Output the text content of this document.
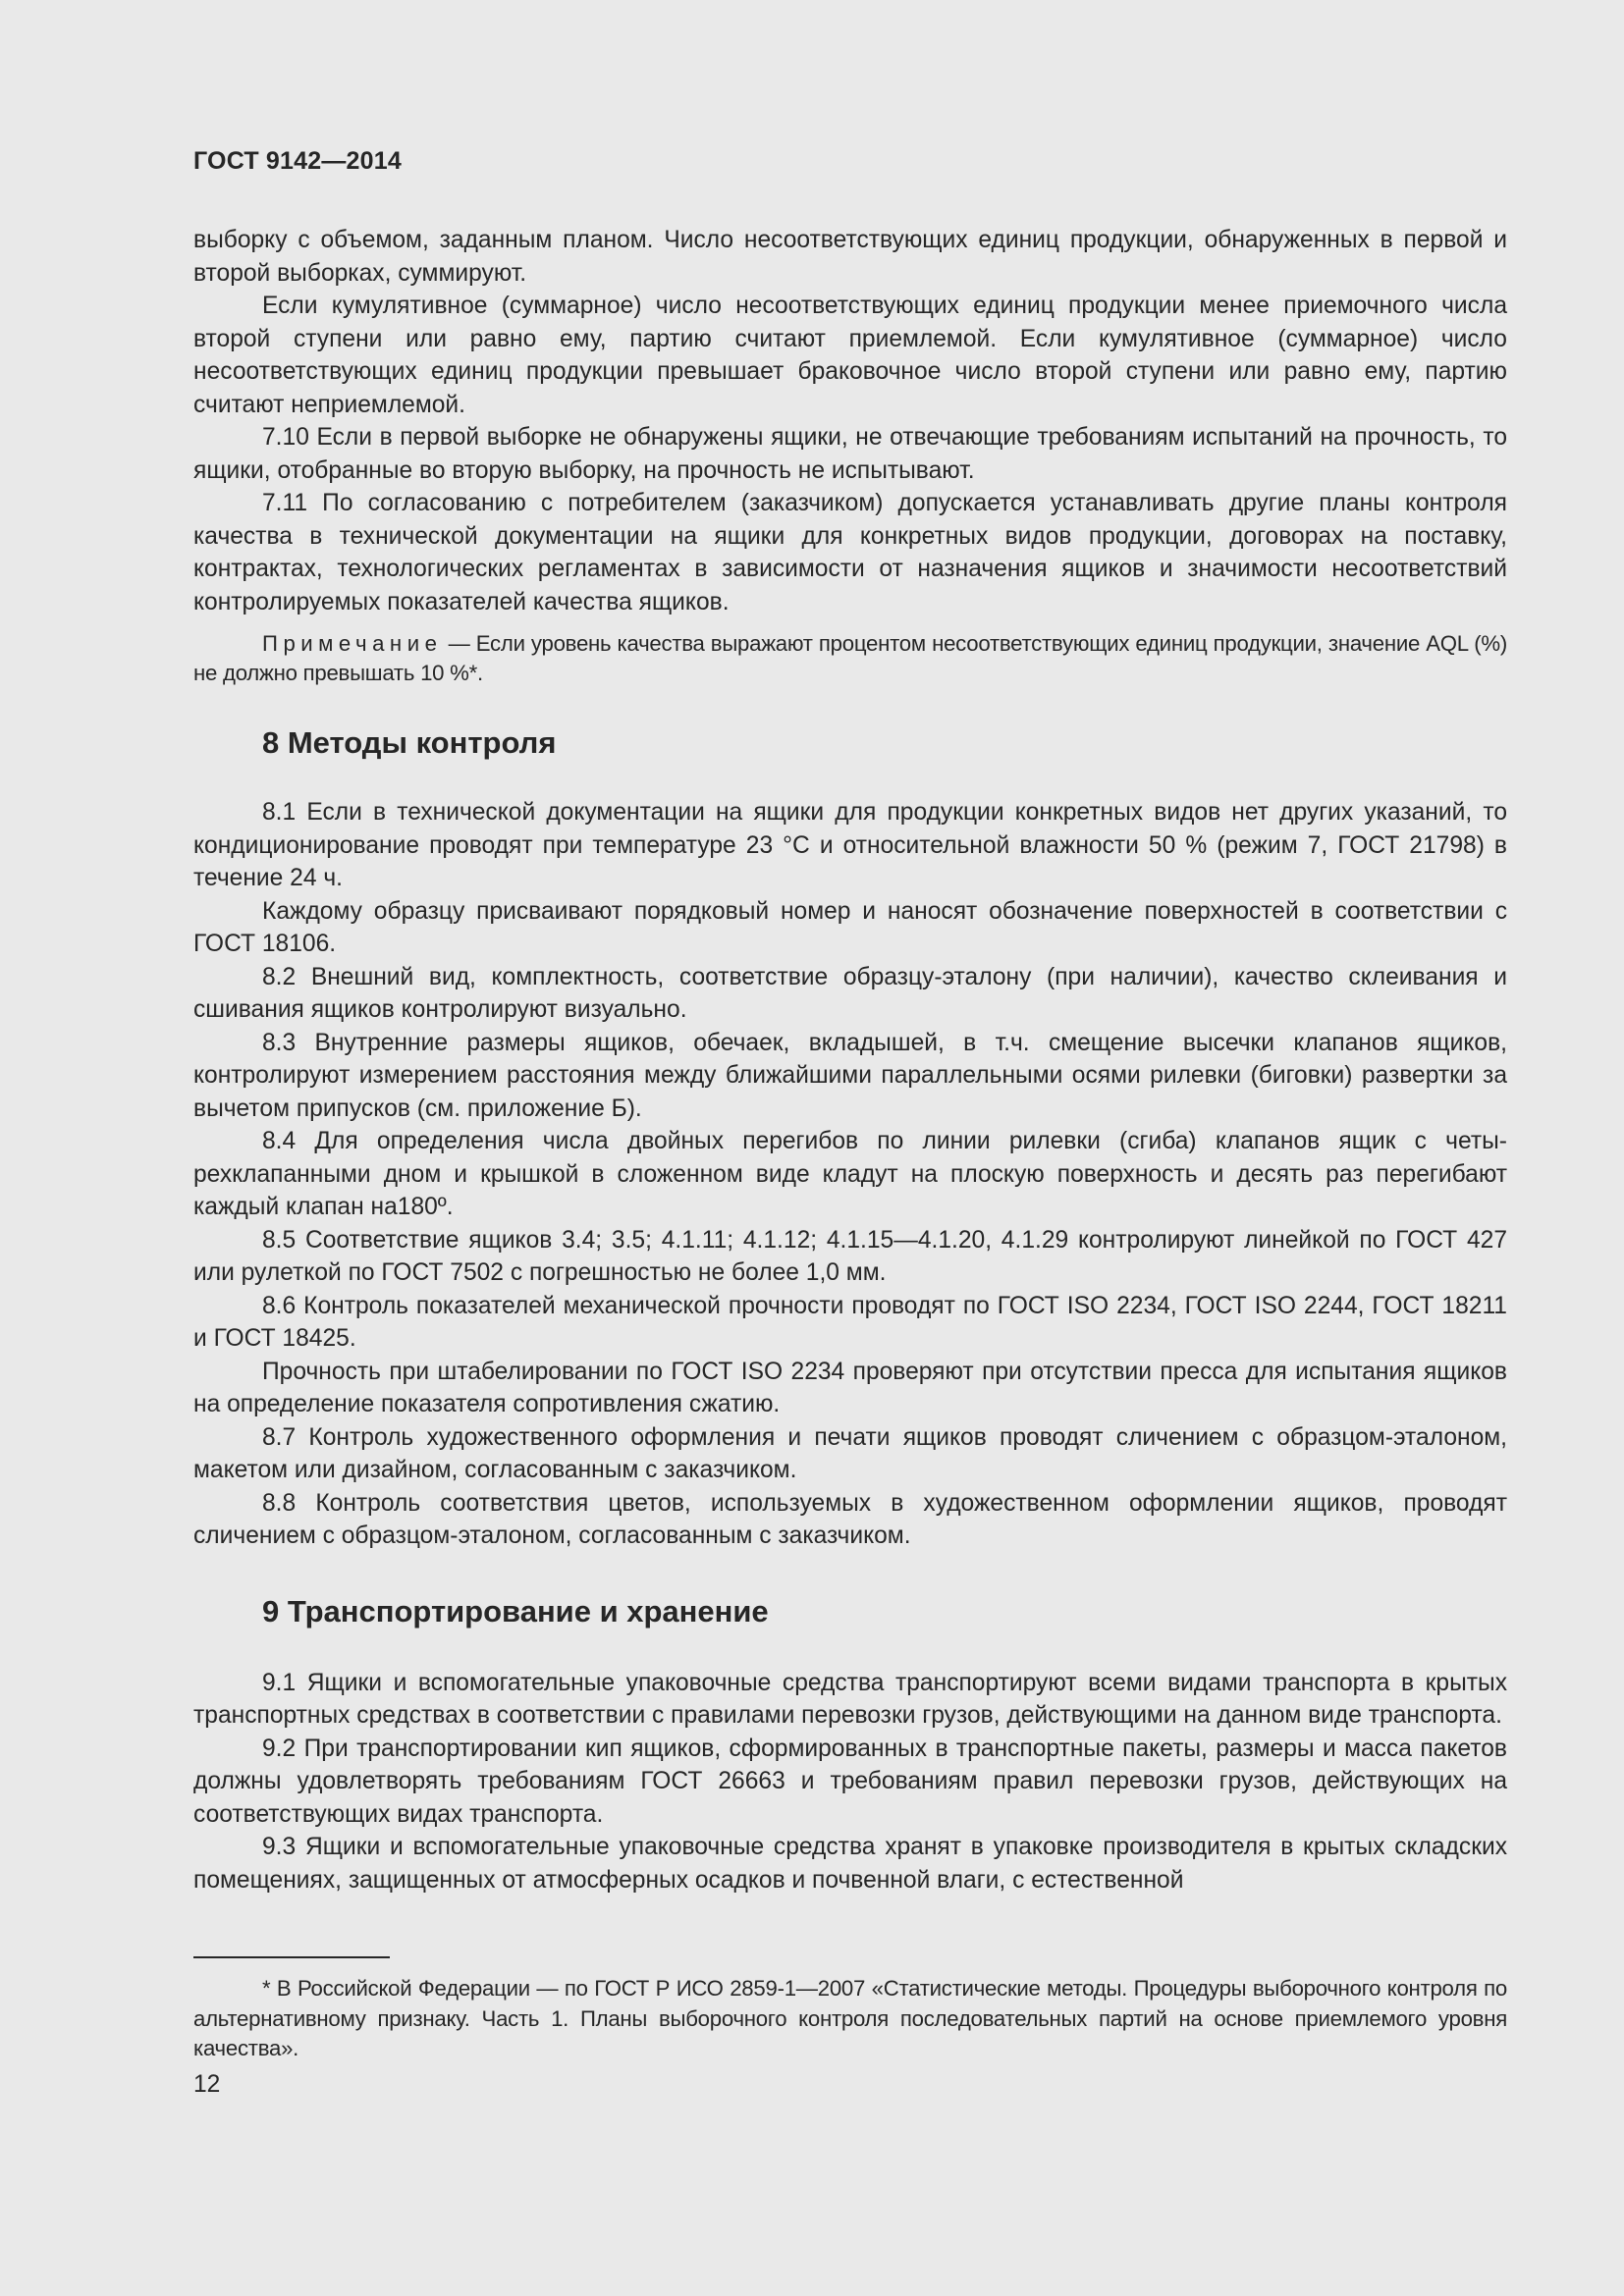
ГОСТ 9142—2014

выборку с объемом, заданным планом. Число несоответствующих единиц продукции, обнаруженных в первой и второй выборках, суммируют.

Если кумулятивное (суммарное) число несоответствующих единиц продукции менее приемочного числа второй ступени или равно ему, партию считают приемлемой. Если кумулятивное (суммарное) число несоответствующих единиц продукции превышает браковочное число второй ступени или равно ему, партию считают неприемлемой.

7.10 Если в первой выборке не обнаружены ящики, не отвечающие требованиям испытаний на прочность, то ящики, отобранные во вторую выборку, на прочность не испытывают.

7.11 По согласованию с потребителем (заказчиком) допускается устанавливать другие планы контроля качества в технической документации на ящики для конкретных видов продукции, договорах на поставку, контрактах, технологических регламентах в зависимости от назначения ящиков и значимости несоответствий контролируемых показателей качества ящиков.

Примечание — Если уровень качества выражают процентом несоответствующих единиц продукции, значение AQL (%) не должно превышать 10 %*.

8 Методы контроля

8.1 Если в технической документации на ящики для продукции конкретных видов нет других указаний, то кондиционирование проводят при температуре 23 °С и относительной влажности 50 % (режим 7, ГОСТ 21798) в течение 24 ч.

Каждому образцу присваивают порядковый номер и наносят обозначение поверхностей в соответствии с ГОСТ 18106.

8.2 Внешний вид, комплектность, соответствие образцу-эталону (при наличии), качество склеивания и сшивания ящиков контролируют визуально.

8.3 Внутренние размеры ящиков, обечаек, вкладышей, в т.ч. смещение высечки клапанов ящиков, контролируют измерением расстояния между ближайшими параллельными осями рилевки (биговки) развертки за вычетом припусков (см. приложение Б).

8.4 Для определения числа двойных перегибов по линии рилевки (сгиба) клапанов ящик с четырехклапанными дном и крышкой в сложенном виде кладут на плоскую поверхность и десять раз перегибают каждый клапан на180º.

8.5 Соответствие ящиков 3.4; 3.5; 4.1.11; 4.1.12; 4.1.15—4.1.20, 4.1.29 контролируют линейкой по ГОСТ 427 или рулеткой по ГОСТ 7502 с погрешностью не более 1,0 мм.

8.6 Контроль показателей механической прочности проводят по ГОСТ ISO 2234, ГОСТ ISO 2244, ГОСТ 18211 и ГОСТ 18425.

Прочность при штабелировании по ГОСТ ISO 2234 проверяют при отсутствии пресса для испытания ящиков на определение показателя сопротивления сжатию.

8.7 Контроль художественного оформления и печати ящиков проводят сличением с образцом-эталоном, макетом или дизайном, согласованным с заказчиком.

8.8 Контроль соответствия цветов, используемых в художественном оформлении ящиков, проводят сличением с образцом-эталоном, согласованным с заказчиком.

9 Транспортирование и хранение

9.1 Ящики и вспомогательные упаковочные средства транспортируют всеми видами транспорта в крытых транспортных средствах в соответствии с правилами перевозки грузов, действующими на данном виде транспорта.

9.2 При транспортировании кип ящиков, сформированных в транспортные пакеты, размеры и масса пакетов должны удовлетворять требованиям ГОСТ 26663 и требованиям правил перевозки грузов, действующих на соответствующих видах транспорта.

9.3 Ящики и вспомогательные упаковочные средства хранят в упаковке производителя в крытых складских помещениях, защищенных от атмосферных осадков и почвенной влаги, с естественной

* В Российской Федерации — по ГОСТ Р ИСО 2859-1—2007 «Статистические методы. Процедуры выборочного контроля по альтернативному признаку. Часть 1. Планы выборочного контроля последовательных партий на основе приемлемого уровня качества».

12
